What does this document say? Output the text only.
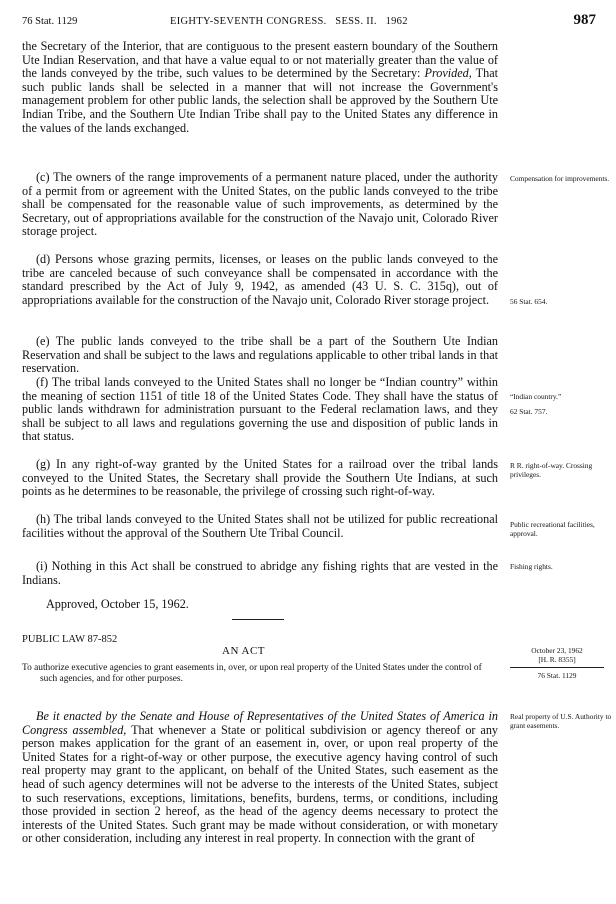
76 Stat. 1129	EIGHTY-SEVENTH CONGRESS.   SESS. II.   1962	987

the Secretary of the Interior, that are contiguous to the present eastern boundary of the Southern Ute Indian Reservation, and that have a value equal to or not materially greater than the value of the lands conveyed by the tribe, such values to be determined by the Secretary: Provided, That such public lands shall be selected in a manner that will not increase the Government's management problem for other public lands, the selection shall be approved by the Southern Ute Indian Tribe, and the Southern Ute Indian Tribe shall pay to the United States any difference in the values of the lands exchanged.

(c) The owners of the range improvements of a permanent nature placed, under the authority of a permit from or agreement with the United States, on the public lands conveyed to the tribe shall be compensated for the reasonable value of such improvements, as determined by the Secretary, out of appropriations available for the construction of the Navajo unit, Colorado River storage project.

(d) Persons whose grazing permits, licenses, or leases on the public lands conveyed to the tribe are canceled because of such conveyance shall be compensated in accordance with the standard prescribed by the Act of July 9, 1942, as amended (43 U. S. C. 315q), out of appropriations available for the construction of the Navajo unit, Colorado River storage project.

(e) The public lands conveyed to the tribe shall be a part of the Southern Ute Indian Reservation and shall be subject to the laws and regulations applicable to other tribal lands in that reservation.

(f) The tribal lands conveyed to the United States shall no longer be “Indian country” within the meaning of section 1151 of title 18 of the United States Code. They shall have the status of public lands withdrawn for administration pursuant to the Federal reclamation laws, and they shall be subject to all laws and regulations governing the use and disposition of public lands in that status.

(g) In any right-of-way granted by the United States for a railroad over the tribal lands conveyed to the United States, the Secretary shall provide the Southern Ute Indians, at such points as he determines to be reasonable, the privilege of crossing such right-of-way.

(h) The tribal lands conveyed to the United States shall not be utilized for public recreational facilities without the approval of the Southern Ute Tribal Council.

(i) Nothing in this Act shall be construed to abridge any fishing rights that are vested in the Indians.

Approved, October 15, 1962.
Compensation for improvements.
56 Stat. 654.
“Indian country.”
62 Stat. 757.
R R. right-of-way. Crossing privileges.
Public recreational facilities, approval.
Fishing rights.
PUBLIC LAW 87-852
AN ACT

To authorize executive agencies to grant easements in, over, or upon real property of the United States under the control of such agencies, and for other purposes.

October 23, 1962
[H. R. 8355]
76 Stat. 1129

Be it enacted by the Senate and House of Representatives of the United States of America in Congress assembled, That whenever a State or political subdivision or agency thereof or any person makes application for the grant of an easement in, over, or upon real property of the United States for a right-of-way or other purpose, the executive agency having control of such real property may grant to the applicant, on behalf of the United States, such easement as the head of such agency determines will not be adverse to the interests of the United States, subject to such reservations, exceptions, limitations, benefits, burdens, terms, or conditions, including those provided in section 2 hereof, as the head of the agency deems necessary to protect the interests of the United States. Such grant may be made without consideration, or with monetary or other consideration, including any interest in real property. In connection with the grant of

Real property of U.S. Authority to grant easements.
